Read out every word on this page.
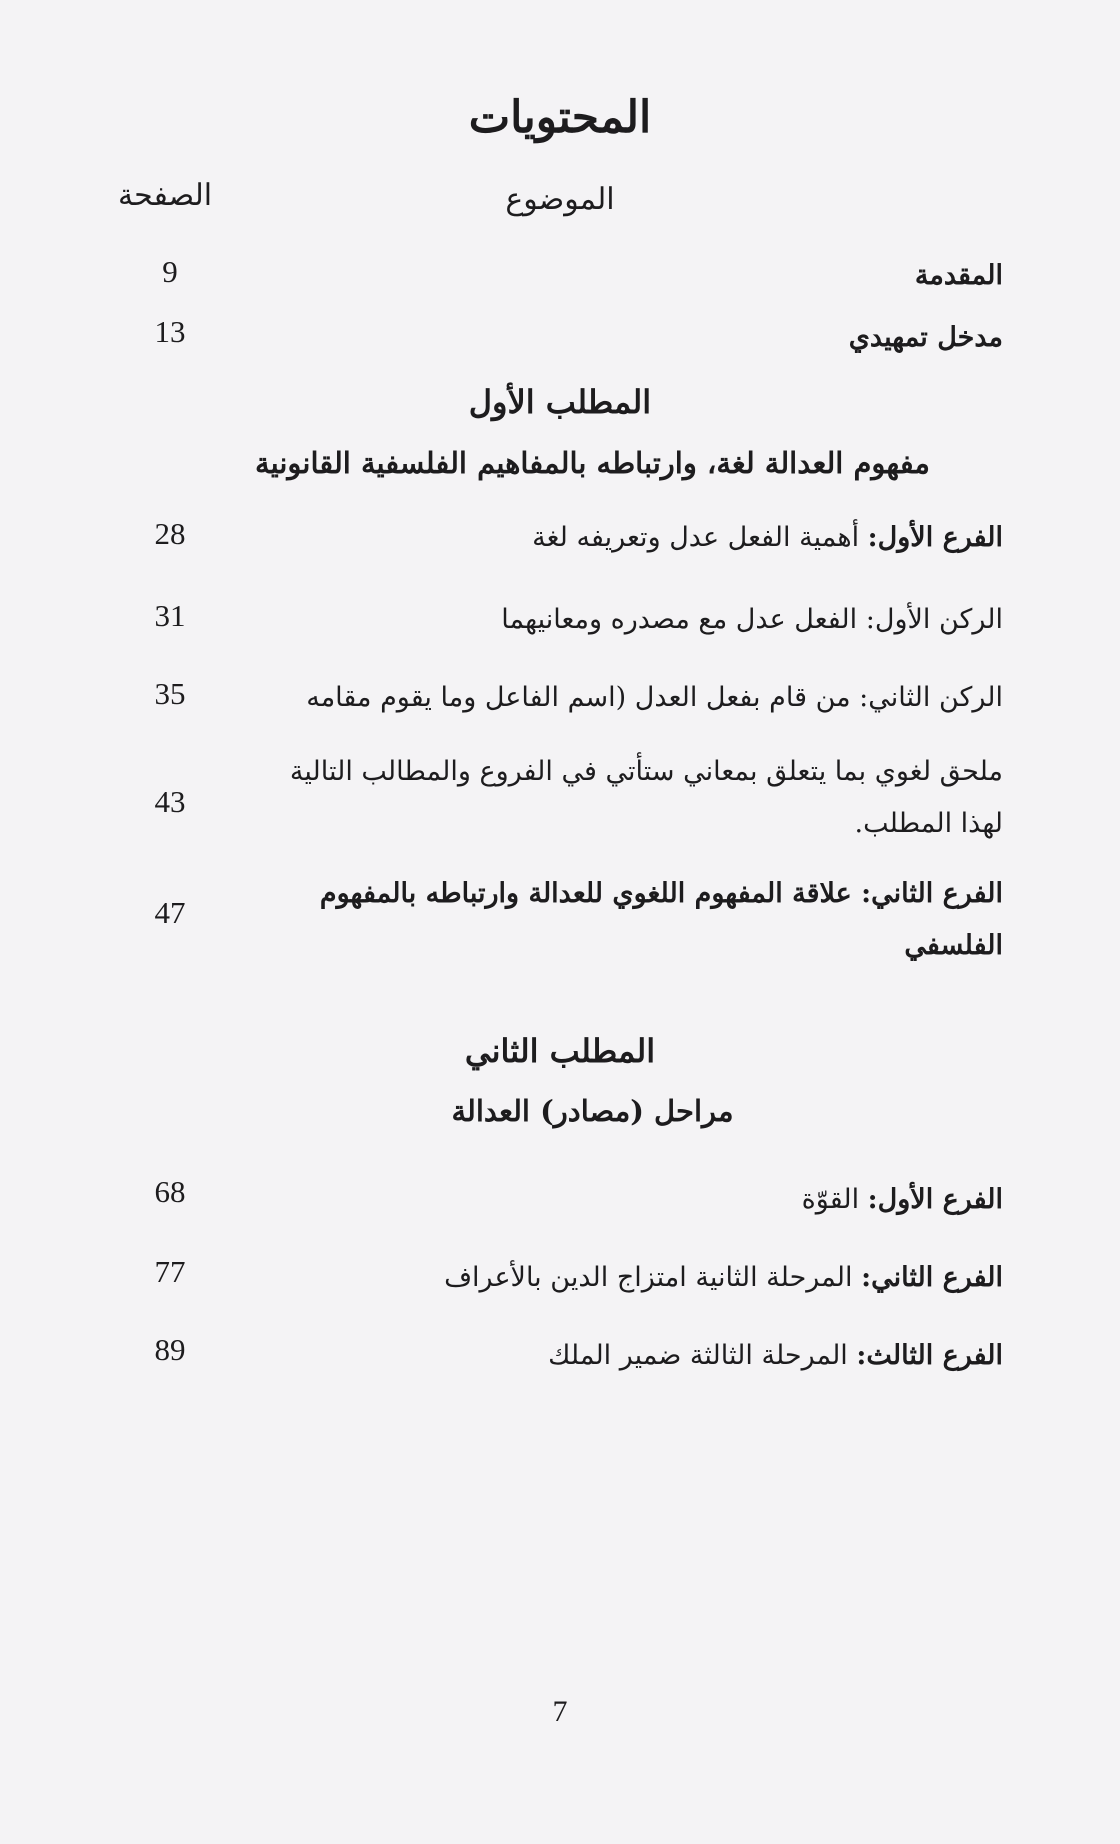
المحتويات
الصفحة	الموضوع
المقدمة
9
مدخل تمهيدي
13
المطلب الأول
مفهوم العدالة لغة، وارتباطه بالمفاهيم الفلسفية القانونية
الفرع الأول: أهمية الفعل عدل وتعريفه لغة
28
الركن الأول: الفعل عدل مع مصدره ومعانيهما
31
الركن الثاني: من قام بفعل العدل (اسم الفاعل وما يقوم مقامه
35
ملحق لغوي بما يتعلق بمعاني ستأتي في الفروع والمطالب التالية لهذا المطلب.
43
الفرع الثاني: علاقة المفهوم اللغوي للعدالة وارتباطه بالمفهوم الفلسفي
47
المطلب الثاني
مراحل (مصادر) العدالة
الفرع الأول: القوّة
68
الفرع الثاني: المرحلة الثانية امتزاج الدين بالأعراف
77
الفرع الثالث: المرحلة الثالثة ضمير الملك
89
7
